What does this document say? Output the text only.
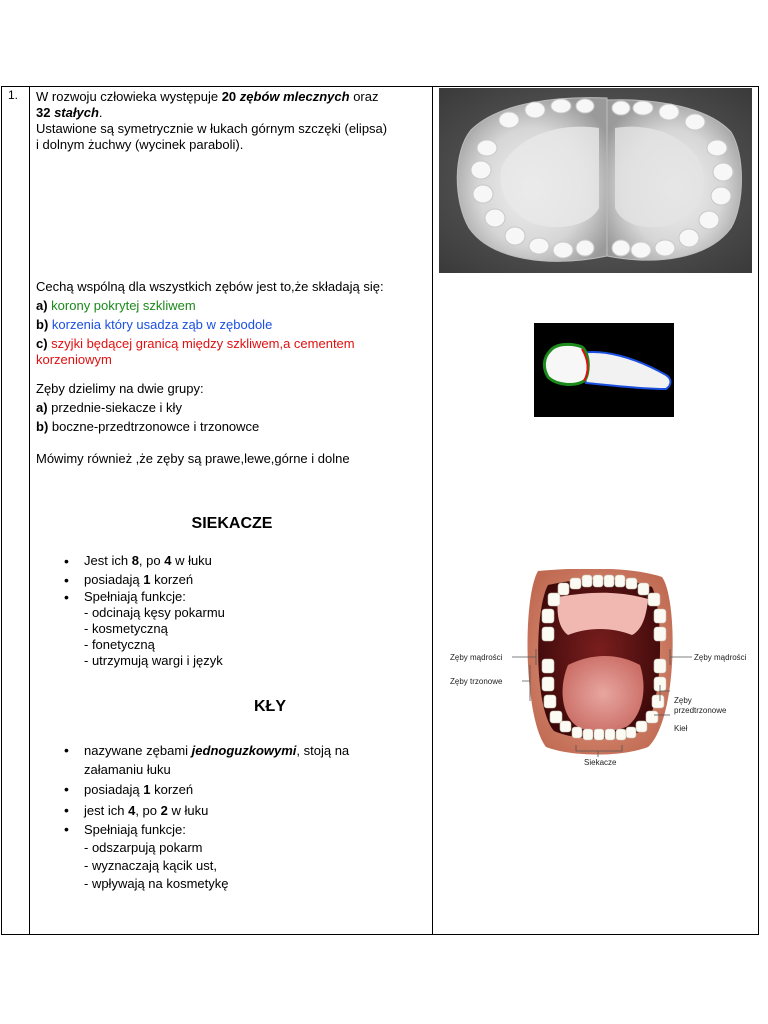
1. W rozwoju człowieka występuje 20 zębów mlecznych oraz
32 stałych.
Ustawione są symetrycznie w łukach górnym szczęki (elipsa)
i dolnym żuchwy (wycinek paraboli).
Cechą wspólną dla wszystkich zębów jest to,że składają się:
a) korony pokrytej szkliwem
b) korzenia który usadza ząb w zębodole
c) szyjki będącej granicą między szkliwem,a cementem
korzeniowym
Zęby dzielimy na dwie grupy:
a) przednie-siekacze i kły
b) boczne-przedtrzonowce i trzonowce
Mówimy również ,że zęby są prawe,lewe,górne i dolne
SIEKACZE
• Jest ich 8, po 4 w łuku
• posiadają 1 korzeń
• Spełniają funkcje:
- odcinają kęsy pokarmu
- kosmetyczną
- fonetyczną
- utrzymują wargi i język
KŁY
• nazywane zębami jednoguzkowymi, stoją na
załamaniu łuku
• posiadają 1 korzeń
• jest ich 4, po 2 w łuku
• Spełniają funkcje:
- odszarpują pokarm
- wyznaczają kącik ust,
- wpływają na kosmetykę
Zęby mądrości	Zęby mądrości
Zęby trzonowe
Zęby
przedtrzonowe
Kieł
Siekacze
